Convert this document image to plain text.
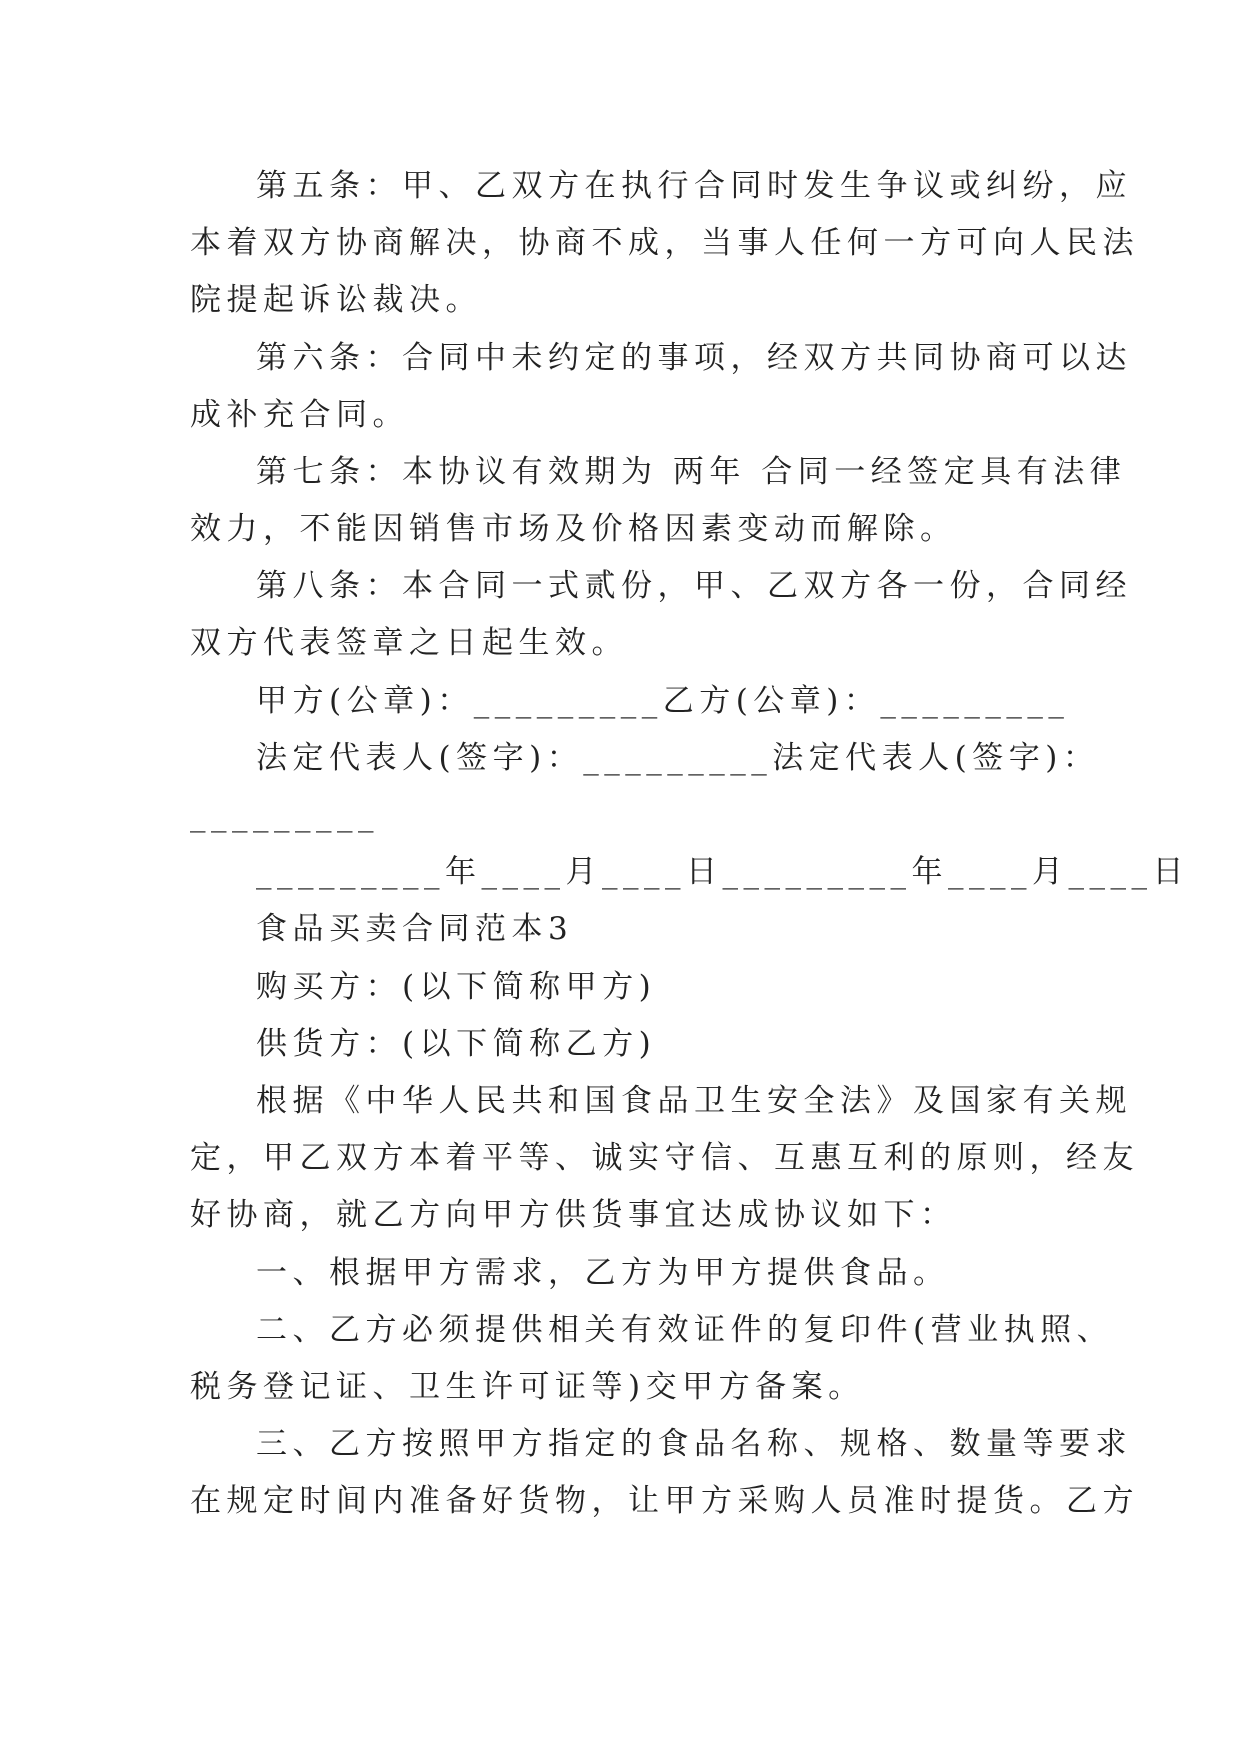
第五条：甲、乙双方在执行合同时发生争议或纠纷，应
本着双方协商解决，协商不成，当事人任何一方可向人民法
院提起诉讼裁决。
第六条：合同中未约定的事项，经双方共同协商可以达
成补充合同。
第七条：本协议有效期为 两年 合同一经签定具有法律
效力，不能因销售市场及价格因素变动而解除。
第八条：本合同一式贰份，甲、乙双方各一份，合同经
双方代表签章之日起生效。
甲方(公章)：_________乙方(公章)：_________
法定代表人(签字)：_________法定代表人(签字)：
_________
_________年____月____日_________年____月____日
食品买卖合同范本3
购买方：(以下简称甲方)
供货方：(以下简称乙方)
根据《中华人民共和国食品卫生安全法》及国家有关规
定，甲乙双方本着平等、诚实守信、互惠互利的原则，经友
好协商，就乙方向甲方供货事宜达成协议如下：
一、根据甲方需求，乙方为甲方提供食品。
二、乙方必须提供相关有效证件的复印件(营业执照、
税务登记证、卫生许可证等)交甲方备案。
三、乙方按照甲方指定的食品名称、规格、数量等要求
在规定时间内准备好货物，让甲方采购人员准时提货。乙方
